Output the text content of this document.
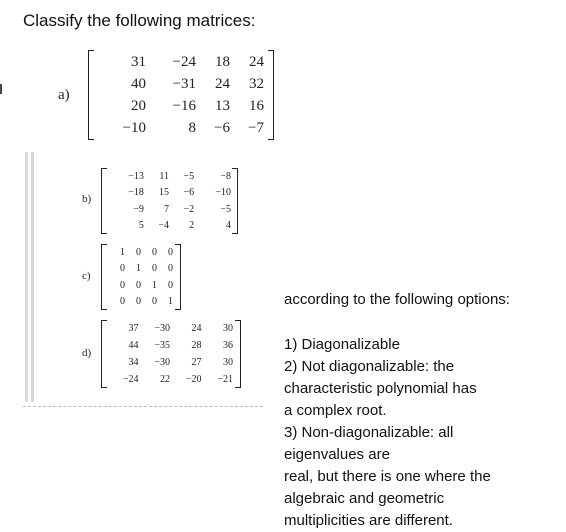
Classify the following matrices:
a)
31	−24	18	24
40	−31	24	32
20	−16	13	16
−10	8	−6	−7
b)
−13	11	−5	−8
−18	15	−6	−10
−9	7	−2	−5
5	−4	2	4
c)
1	0	0	0
0	1	0	0
0	0	1	0
0	0	0	1
d)
37	−30	24	30
44	−35	28	36
34	−30	27	30
−24	22	−20	−21
according to the following options:
1) Diagonalizable
2) Not diagonalizable: the
characteristic polynomial has
a complex root.
3) Non-diagonalizable: all
eigenvalues are
real, but there is one where the
algebraic and geometric
multiplicities are different.
